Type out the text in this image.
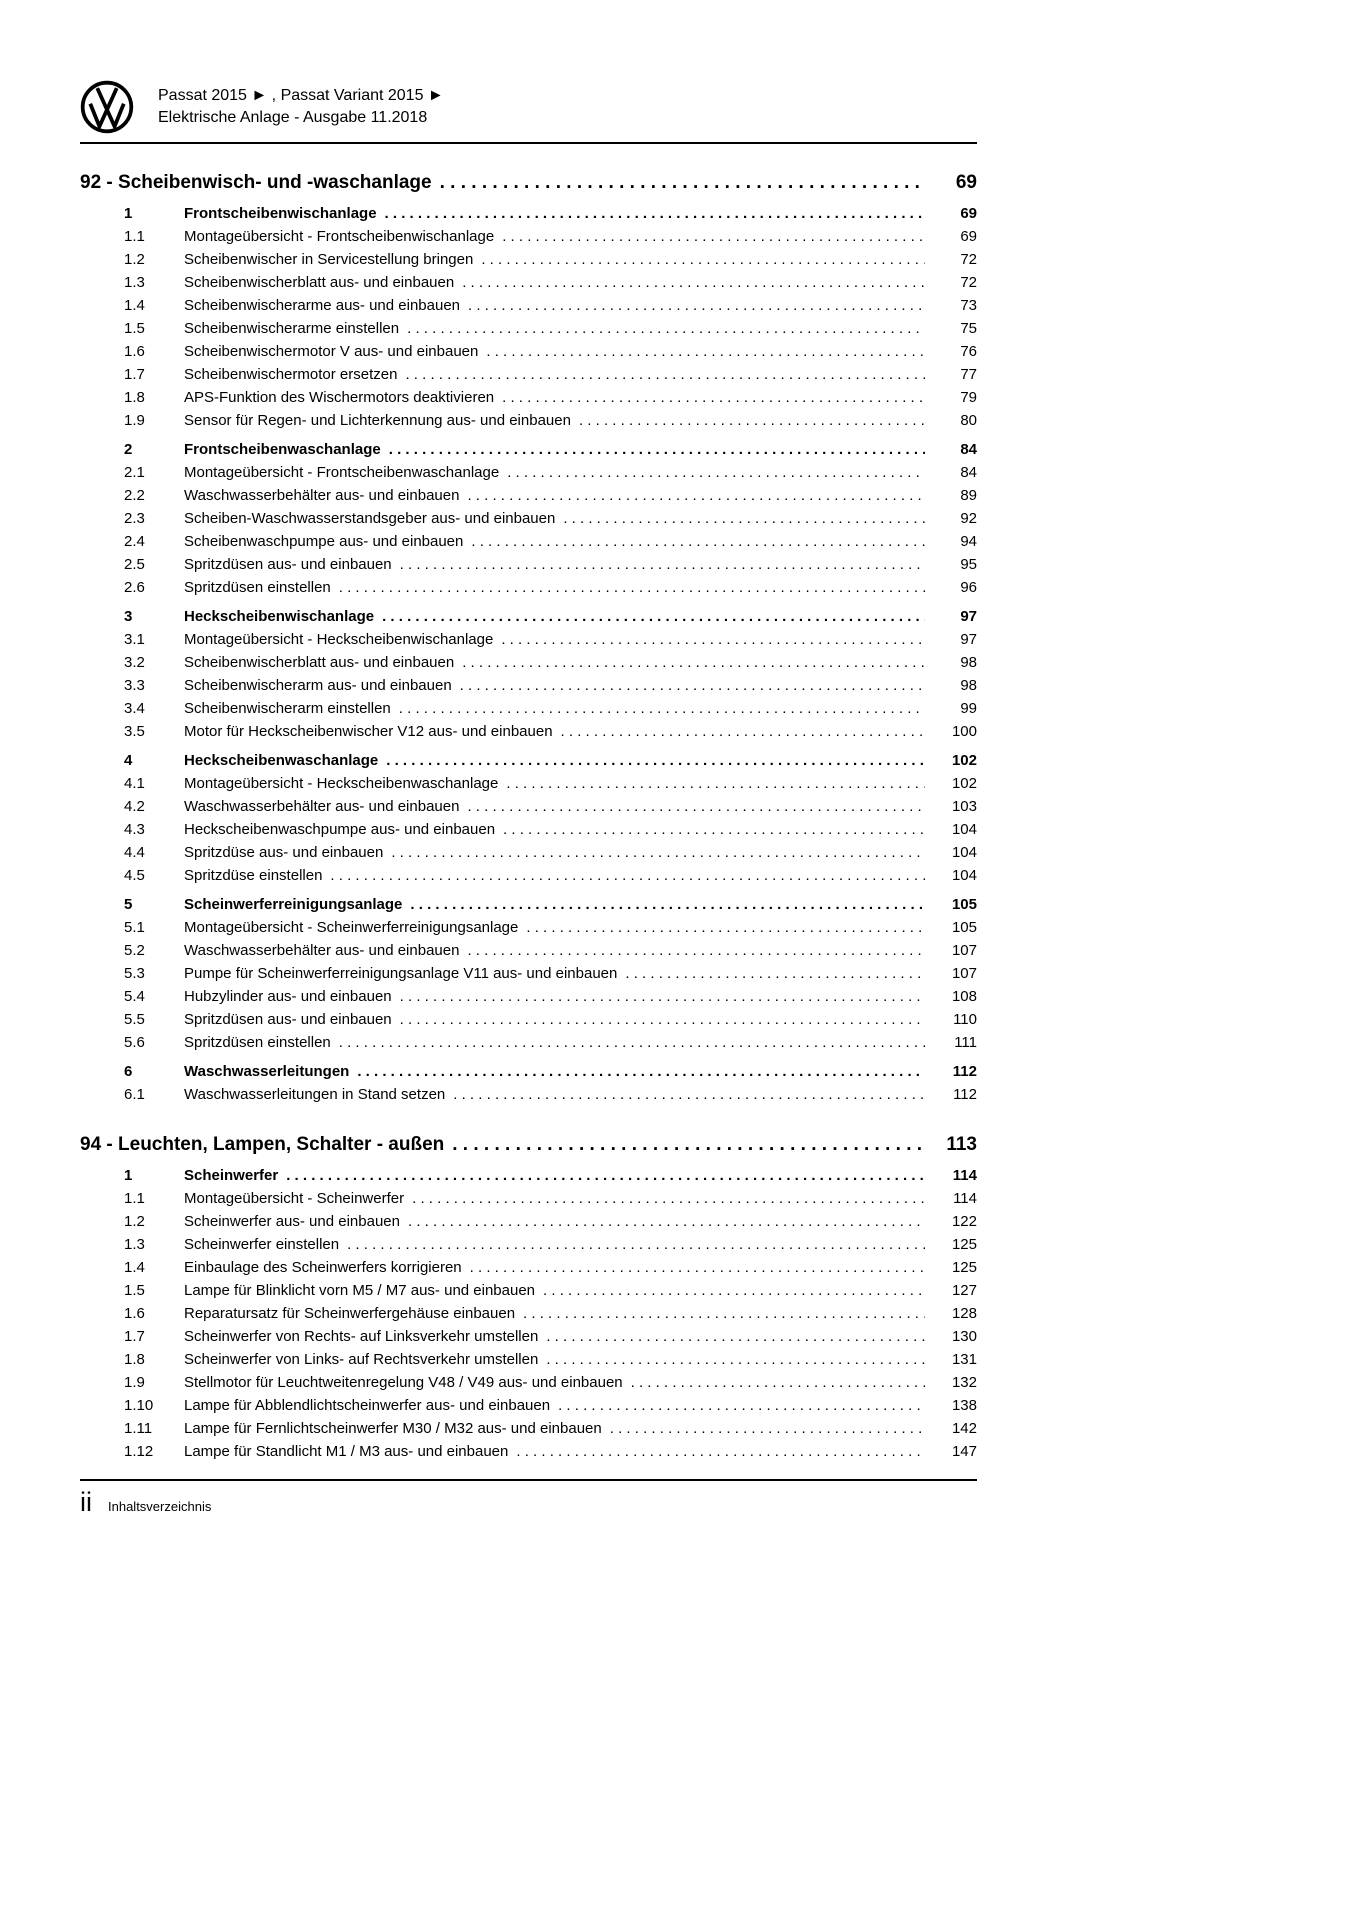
Passat 2015 ► , Passat Variant 2015 ►
Elektrische Anlage - Ausgabe 11.2018
92 - Scheibenwisch- und -waschanlage . . .	69
1	Frontscheibenwischanlage . . .	69
1.1	Montageübersicht - Frontscheibenwischanlage . . .	69
1.2	Scheibenwischer in Servicestellung bringen . . .	72
1.3	Scheibenwischerblatt aus- und einbauen . . .	72
1.4	Scheibenwischerarme aus- und einbauen . . .	73
1.5	Scheibenwischerarme einstellen . . .	75
1.6	Scheibenwischermotor V aus- und einbauen . . .	76
1.7	Scheibenwischermotor ersetzen . . .	77
1.8	APS-Funktion des Wischermotors deaktivieren . . .	79
1.9	Sensor für Regen- und Lichterkennung aus- und einbauen . . .	80
2	Frontscheibenwaschanlage . . .	84
2.1	Montageübersicht - Frontscheibenwaschanlage . . .	84
2.2	Waschwasserbehälter aus- und einbauen . . .	89
2.3	Scheiben-Waschwasserstandsgeber aus- und einbauen . . .	92
2.4	Scheibenwaschpumpe aus- und einbauen . . .	94
2.5	Spritzdüsen aus- und einbauen . . .	95
2.6	Spritzdüsen einstellen . . .	96
3	Heckscheibenwischanlage . . .	97
3.1	Montageübersicht - Heckscheibenwischanlage . . .	97
3.2	Scheibenwischerblatt aus- und einbauen . . .	98
3.3	Scheibenwischerarm aus- und einbauen . . .	98
3.4	Scheibenwischerarm einstellen . . .	99
3.5	Motor für Heckscheibenwischer V12 aus- und einbauen . . .	100
4	Heckscheibenwaschanlage . . .	102
4.1	Montageübersicht - Heckscheibenwaschanlage . . .	102
4.2	Waschwasserbehälter aus- und einbauen . . .	103
4.3	Heckscheibenwaschpumpe aus- und einbauen . . .	104
4.4	Spritzdüse aus- und einbauen . . .	104
4.5	Spritzdüse einstellen . . .	104
5	Scheinwerferreinigungsanlage . . .	105
5.1	Montageübersicht - Scheinwerferreinigungsanlage . . .	105
5.2	Waschwasserbehälter aus- und einbauen . . .	107
5.3	Pumpe für Scheinwerferreinigungsanlage V11 aus- und einbauen . . .	107
5.4	Hubzylinder aus- und einbauen . . .	108
5.5	Spritzdüsen aus- und einbauen . . .	110
5.6	Spritzdüsen einstellen . . .	111
6	Waschwasserleitungen . . .	112
6.1	Waschwasserleitungen in Stand setzen . . .	112
94 - Leuchten, Lampen, Schalter - außen . . .	113
1	Scheinwerfer . . .	114
1.1	Montageübersicht - Scheinwerfer . . .	114
1.2	Scheinwerfer aus- und einbauen . . .	122
1.3	Scheinwerfer einstellen . . .	125
1.4	Einbaulage des Scheinwerfers korrigieren . . .	125
1.5	Lampe für Blinklicht vorn M5 / M7 aus- und einbauen . . .	127
1.6	Reparatursatz für Scheinwerfergehäuse einbauen . . .	128
1.7	Scheinwerfer von Rechts- auf Linksverkehr umstellen . . .	130
1.8	Scheinwerfer von Links- auf Rechtsverkehr umstellen . . .	131
1.9	Stellmotor für Leuchtweitenregelung V48 / V49 aus- und einbauen . . .	132
1.10	Lampe für Abblendlichtscheinwerfer aus- und einbauen . . .	138
1.11	Lampe für Fernlichtscheinwerfer M30 / M32 aus- und einbauen . . .	142
1.12	Lampe für Standlicht M1 / M3 aus- und einbauen . . .	147
ii Inhaltsverzeichnis
